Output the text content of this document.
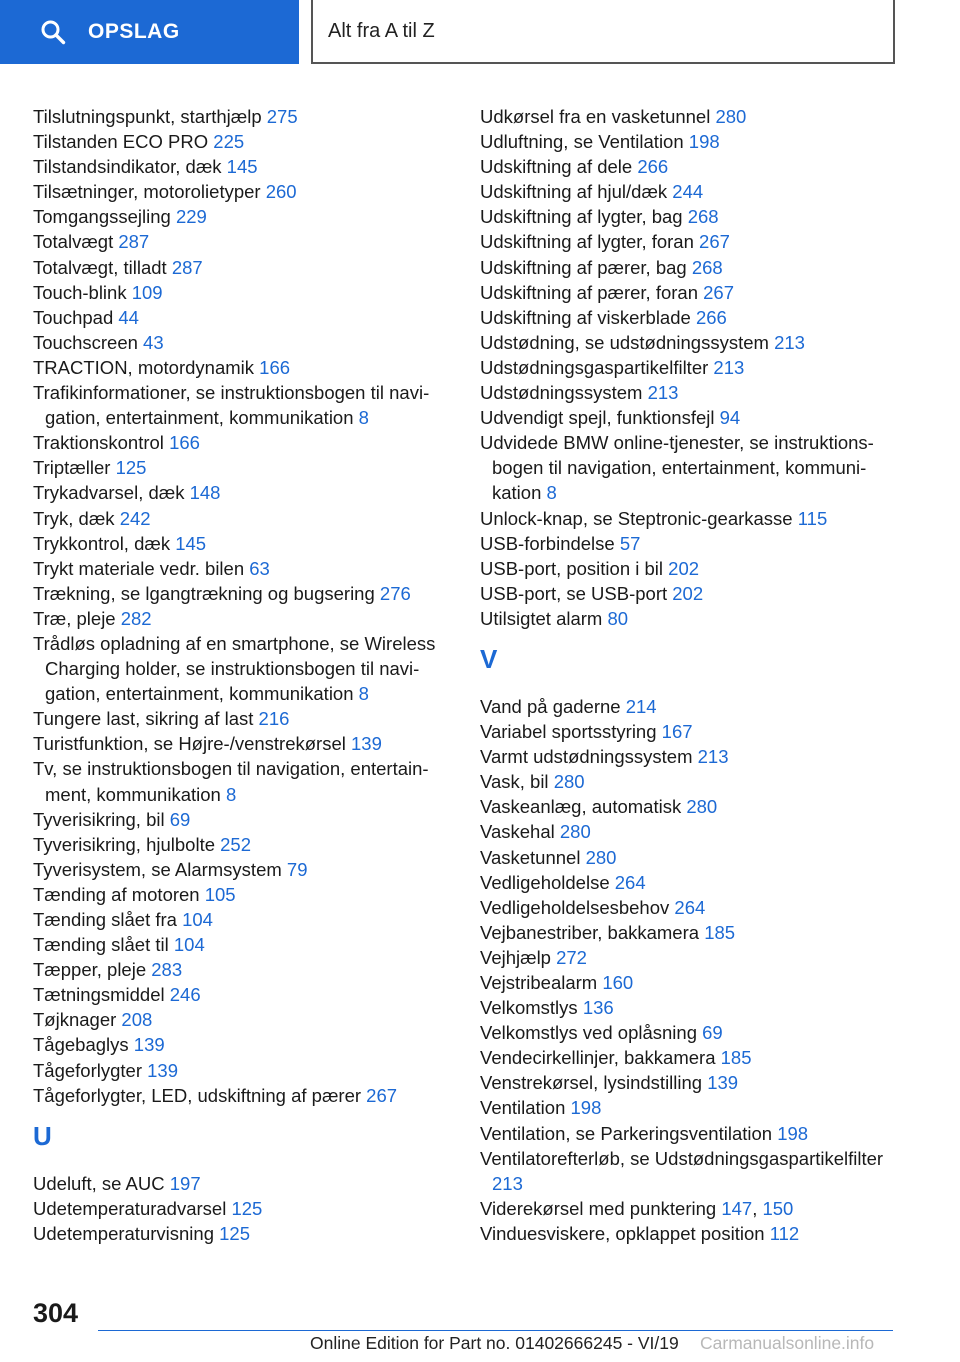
OPSLAG	Alt fra A til Z
Tilslutningspunkt, starthjælp 275
Tilstanden ECO PRO 225
Tilstandsindikator, dæk 145
Tilsætninger, motorolietyper 260
Tomgangssejling 229
Totalvægt 287
Totalvægt, tilladt 287
Touch-blink 109
Touchpad 44
Touchscreen 43
TRACTION, motordynamik 166
Trafikinformationer, se instruktionsbogen til navigation, entertainment, kommunikation 8
Traktionskontrol 166
Triptæller 125
Trykadvarsel, dæk 148
Tryk, dæk 242
Trykkontrol, dæk 145
Trykt materiale vedr. bilen 63
Trækning, se lgangtrækning og bugsering 276
Træ, pleje 282
Trådløs opladning af en smartphone, se Wireless Charging holder, se instruktionsbogen til navigation, entertainment, kommunikation 8
Tungere last, sikring af last 216
Turistfunktion, se Højre-/venstrekørsel 139
Tv, se instruktionsbogen til navigation, entertainment, kommunikation 8
Tyverisikring, bil 69
Tyverisikring, hjulbolte 252
Tyverisystem, se Alarmsystem 79
Tænding af motoren 105
Tænding slået fra 104
Tænding slået til 104
Tæpper, pleje 283
Tætningsmiddel 246
Tøjknager 208
Tågebaglys 139
Tågeforlygter 139
Tågeforlygter, LED, udskiftning af pærer 267
U
Udeluft, se AUC 197
Udetemperaturadvarsel 125
Udetemperaturvisning 125
Udkørsel fra en vasketunnel 280
Udluftning, se Ventilation 198
Udskiftning af dele 266
Udskiftning af hjul/dæk 244
Udskiftning af lygter, bag 268
Udskiftning af lygter, foran 267
Udskiftning af pærer, bag 268
Udskiftning af pærer, foran 267
Udskiftning af viskerblade 266
Udstødning, se udstødningssystem 213
Udstødningsgaspartikelfilter 213
Udstødningssystem 213
Udvendigt spejl, funktionsfejl 94
Udvidede BMW online-tjenester, se instruktionsbogen til navigation, entertainment, kommunikation 8
Unlock-knap, se Steptronic-gearkasse 115
USB-forbindelse 57
USB-port, position i bil 202
USB-port, se USB-port 202
Utilsigtet alarm 80
V
Vand på gaderne 214
Variabel sportsstyring 167
Varmt udstødningssystem 213
Vask, bil 280
Vaskeanlæg, automatisk 280
Vaskehal 280
Vasketunnel 280
Vedligeholdelse 264
Vedligeholdelsesbehov 264
Vejbanestriber, bakkamera 185
Vejhjælp 272
Vejstribealarm 160
Velkomstlys 136
Velkomstlys ved oplåsning 69
Vendecirkellinjer, bakkamera 185
Venstrekørsel, lysindstilling 139
Ventilation 198
Ventilation, se Parkeringsventilation 198
Ventilatorefterløb, se Udstødningsgaspartikelfilter 213
Viderekørsel med punktering 147, 150
Vinduesviskere, opklappet position 112
304
Online Edition for Part no. 01402666245 - VI/19 Carmanualsonline.info
